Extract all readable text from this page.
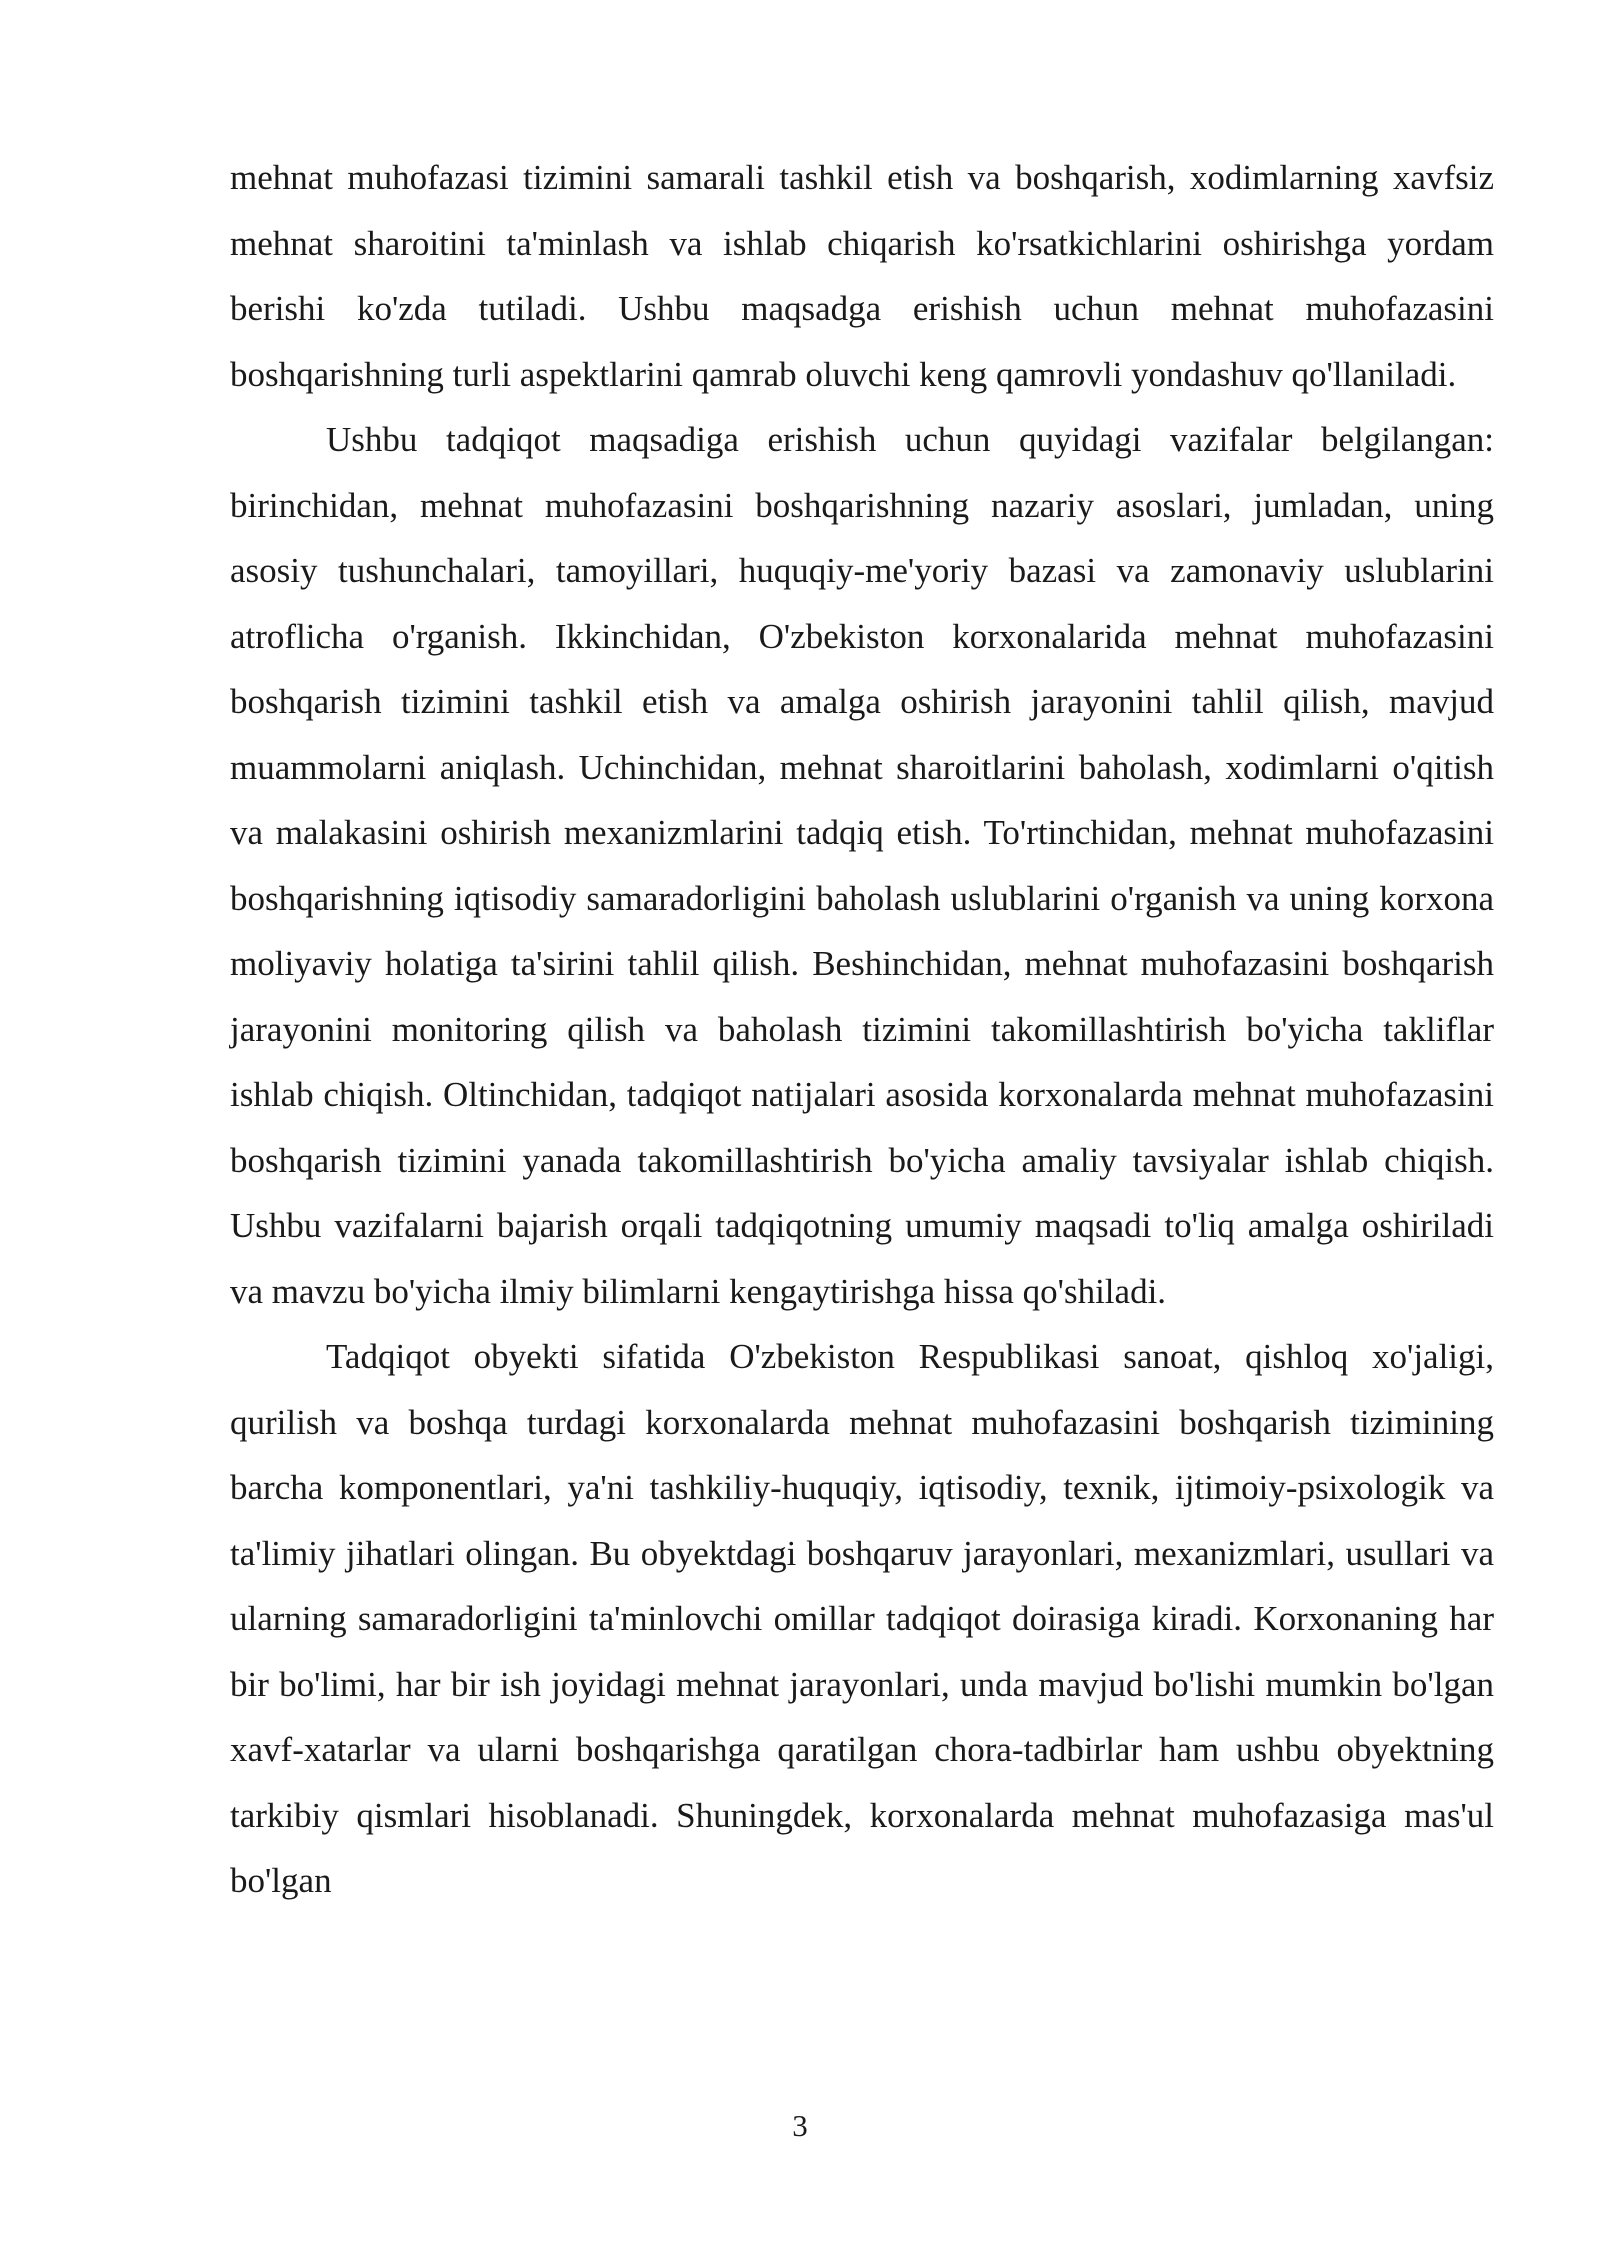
mehnat muhofazasi tizimini samarali tashkil etish va boshqarish, xodimlarning xavfsiz mehnat sharoitini ta'minlash va ishlab chiqarish ko'rsatkichlarini oshirishga yordam berishi ko'zda tutiladi. Ushbu maqsadga erishish uchun mehnat muhofazasini boshqarishning turli aspektlarini qamrab oluvchi keng qamrovli yondashuv qo'llaniladi.

Ushbu tadqiqot maqsadiga erishish uchun quyidagi vazifalar belgilangan: birinchidan, mehnat muhofazasini boshqarishning nazariy asoslari, jumladan, uning asosiy tushunchalari, tamoyillari, huquqiy-me'yoriy bazasi va zamonaviy uslublarini atroflicha o'rganish. Ikkinchidan, O'zbekiston korxonalarida mehnat muhofazasini boshqarish tizimini tashkil etish va amalga oshirish jarayonini tahlil qilish, mavjud muammolarni aniqlash. Uchinchidan, mehnat sharoitlarini baholash, xodimlarni o'qitish va malakasini oshirish mexanizmlarini tadqiq etish. To'rtinchidan, mehnat muhofazasini boshqarishning iqtisodiy samaradorligini baholash uslublarini o'rganish va uning korxona moliyaviy holatiga ta'sirini tahlil qilish. Beshinchidan, mehnat muhofazasini boshqarish jarayonini monitoring qilish va baholash tizimini takomillashtirish bo'yicha takliflar ishlab chiqish. Oltinchidan, tadqiqot natijalari asosida korxonalarda mehnat muhofazasini boshqarish tizimini yanada takomillashtirish bo'yicha amaliy tavsiyalar ishlab chiqish. Ushbu vazifalarni bajarish orqali tadqiqotning umumiy maqsadi to'liq amalga oshiriladi va mavzu bo'yicha ilmiy bilimlarni kengaytirishga hissa qo'shiladi.

Tadqiqot obyekti sifatida O'zbekiston Respublikasi sanoat, qishloq xo'jaligi, qurilish va boshqa turdagi korxonalarda mehnat muhofazasini boshqarish tizimining barcha komponentlari, ya'ni tashkiliy-huquqiy, iqtisodiy, texnik, ijtimoiy-psixologik va ta'limiy jihatlari olingan. Bu obyektdagi boshqaruv jarayonlari, mexanizmlari, usullari va ularning samaradorligini ta'minlovchi omillar tadqiqot doirasiga kiradi. Korxonaning har bir bo'limi, har bir ish joyidagi mehnat jarayonlari, unda mavjud bo'lishi mumkin bo'lgan xavf-xatarlar va ularni boshqarishga qaratilgan chora-tadbirlar ham ushbu obyektning tarkibiy qismlari hisoblanadi. Shuningdek, korxonalarda mehnat muhofazasiga mas'ul bo'lgan

3
